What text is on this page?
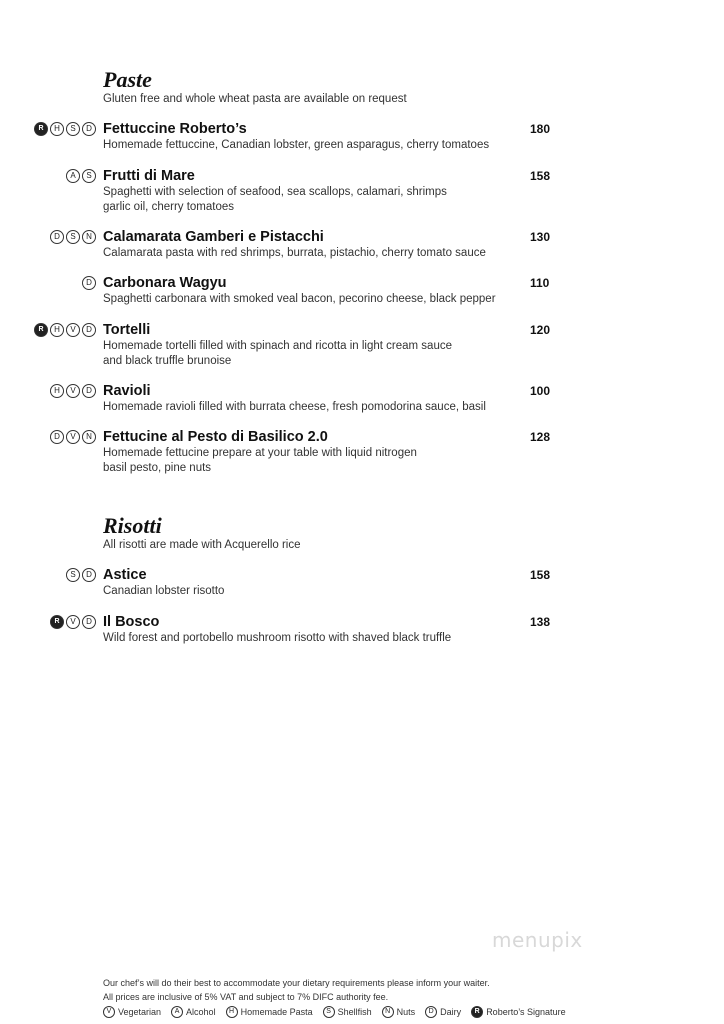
Paste
Gluten free and whole wheat pasta are available on request
R	H	S	D Fettuccine Roberto’s	180
Homemade fettuccine, Canadian lobster, green asparagus, cherry tomatoes
A	S Frutti di Mare	158
Spaghetti with selection of seafood, sea scallops, calamari, shrimps
garlic oil, cherry tomatoes
D	S	N Calamarata Gamberi e Pistacchi	130
Calamarata pasta with red shrimps, burrata, pistachio, cherry tomato sauce
D Carbonara Wagyu	110
Spaghetti carbonara with smoked veal bacon, pecorino cheese, black pepper
R	H	V	D Tortelli	120
Homemade tortelli filled with spinach and ricotta in light cream sauce
and black truffle brunoise
H	V	D Ravioli	100
Homemade ravioli filled with burrata cheese, fresh pomodorina sauce, basil
D	V	N Fettucine al Pesto di Basilico 2.0	128
Homemade fettucine prepare at your table with liquid nitrogen
basil pesto, pine nuts
Risotti
All risotti are made with Acquerello rice
S	D Astice	158
Canadian lobster risotto
R	V	D Il Bosco	138
Wild forest and portobello mushroom risotto with shaved black truffle
menupix
Our chef’s will do their best to accommodate your dietary requirements please inform your waiter.
All prices are inclusive of 5% VAT and subject to 7% DIFC authority fee.
V Vegetarian	A Alcohol	H Homemade Pasta	S Shellfish	N Nuts	D Dairy	R Roberto’s Signature
